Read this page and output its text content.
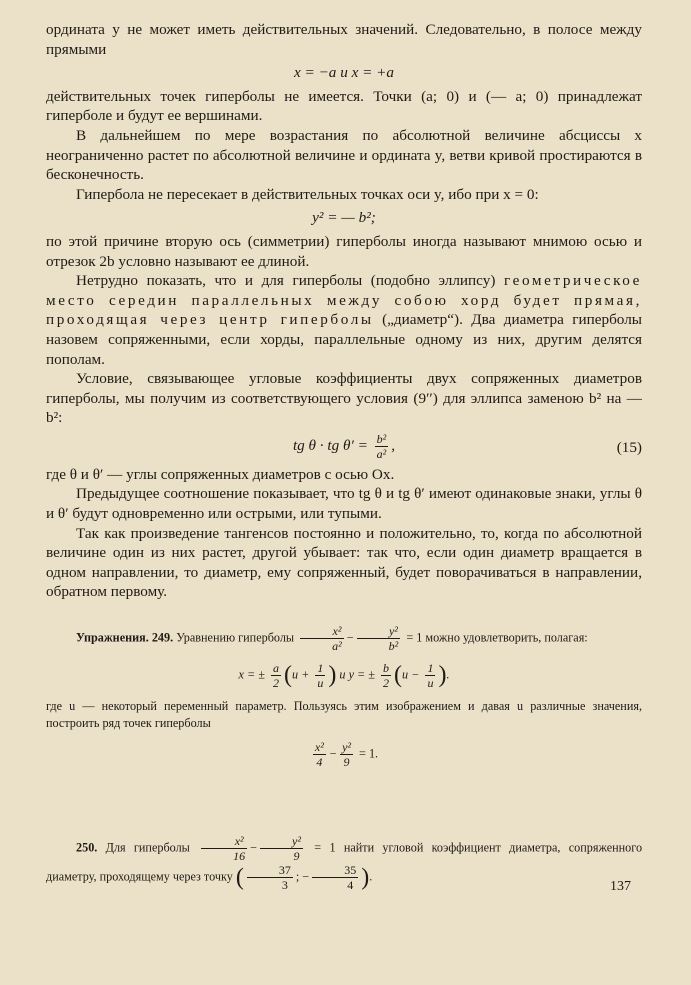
ордината y не может иметь действительных значений. Следовательно, в полосе между прямыми

x = −a и x = +a

действительных точек гиперболы не имеется. Точки (a; 0) и (— a; 0) принадлежат гиперболе и будут ее вершинами.

В дальнейшем по мере возрастания по абсолютной величине абсциссы x неограниченно растет по абсолютной величине и ордината y, ветви кривой простираются в бесконечность.

Гипербола не пересекает в действительных точках оси y, ибо при x = 0:

y² = — b²;

по этой причине вторую ось (симметрии) гиперболы иногда называют мнимою осью и отрезок 2b условно называют ее длиной.

Нетрудно показать, что и для гиперболы (подобно эллипсу) геометрическое место середин параллельных между собою хорд будет прямая, проходящая через центр гиперболы („диаметр“). Два диаметра гиперболы назовем сопряженными, если хорды, параллельные одному из них, другим делятся пополам.

Условие, связывающее угловые коэффициенты двух сопряженных диаметров гиперболы, мы получим из соответствующего условия (9′′) для эллипса заменою b² на — b²:

tg θ · tg $\theta' = \frac{\text{b²}}{\text{a²}}$ ,	(15)

где θ и θ′ — углы сопряженных диаметров с осью Ox.

Предыдущее соотношение показывает, что tg θ и tg θ′ имеют одинаковые знаки, углы θ и θ′ будут одновременно или острыми, или тупыми.

Так как произведение тангенсов постоянно и положительно, то, когда по абсолютной величине один из них растет, другой убывает: так что, если один диаметр вращается в одном направлении, то диаметр, ему сопряженный, будет поворачиваться в направлении, обратном первому.

Упражнения. 249. Уравнению гиперболы $\frac{\text{x²}}{\text{a²}} - \frac{\text{y²}}{\text{b²}} = 1$ можно удовлетворить, полагая:

x = ± $\frac{a}{2} (u + \frac{1}{u}$ ) и y = ± $\frac{b}{2} (u - \frac{1}{u}$ ).

где u — некоторый переменный параметр. Пользуясь этим изображением и давая u различные значения, построить ряд точек гиперболы

$\frac{\text{x²}}{4} - \frac{\text{y²}}{9} = 1$.

250. Для гиперболы $\frac{\text{x²}}{16} - \frac{\text{y²}}{9} = 1$ найти угловой коэффициент диаметра, сопряженного диаметру, проходящему через точку ( $\frac{37}{3}$ ; − $\frac{35}{4}$ ).

137
